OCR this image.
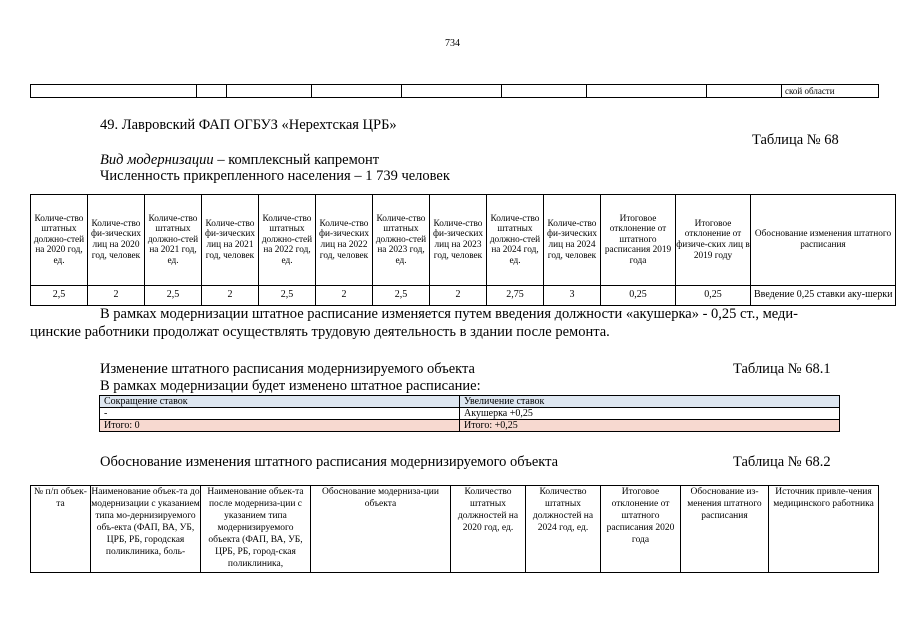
734
								ской области
49. Лавровский ФАП ОГБУЗ «Нерехтская ЦРБ»
Таблица № 68
Вид модернизации – комплексный капремонт
Численность прикрепленного населения – 1 739 человек
Количе-ство штатных должно-стей на 2020 год, ед.	Количе-ство фи-зических лиц на 2020 год, человек	Количе-ство штатных должно-стей на 2021 год, ед.	Количе-ство фи-зических лиц на 2021 год, человек	Количе-ство штатных должно-стей на 2022 год, ед.	Количе-ство фи-зических лиц на 2022 год, человек	Количе-ство штатных должно-стей на 2023 год, ед.	Количе-ство фи-зических лиц на 2023 год, человек	Количе-ство штатных должно-стей на 2024 год, ед.	Количе-ство фи-зических лиц на 2024 год, человек	Итоговое отклонение от штатного расписания 2019 года	Итоговое отклонение от физиче-ских лиц в 2019 году	Обоснование изменения штатного расписания
2,5	2	2,5	2	2,5	2	2,5	2	2,75	3	0,25	0,25	Введение 0,25 ставки аку-шерки
В рамках модернизации штатное расписание изменяется путем введения должности «акушерка» - 0,25 ст., меди-
цинские работники продолжат осуществлять трудовую деятельность в здании после ремонта.
Изменение штатного расписания модернизируемого объекта	Таблица № 68.1
В рамках модернизации будет изменено штатное расписание:
Сокращение ставок	Увеличение ставок
-	Акушерка +0,25
Итого: 0	Итого: +0,25
Обоснование изменения штатного расписания модернизируемого объекта	Таблица № 68.2
№ п/п объек-та	Наименование объек-та до модернизации с указанием типа мо-дернизируемого объ-екта (ФАП, ВА, УБ, ЦРБ, РБ, городская поликлиника, боль-	Наименование объек-та после модерниза-ции с указанием типа модернизируемого объекта (ФАП, ВА, УБ, ЦРБ, РБ, город-ская поликлиника,	Обоснование модерниза-ции объекта	Количество штатных должностей на 2020 год, ед.	Количество штатных должностей на 2024 год, ед.	Итоговое отклонение от штатного расписания 2020 года	Обоснование из-менения штатного расписания	Источник привле-чения медицинского работника
